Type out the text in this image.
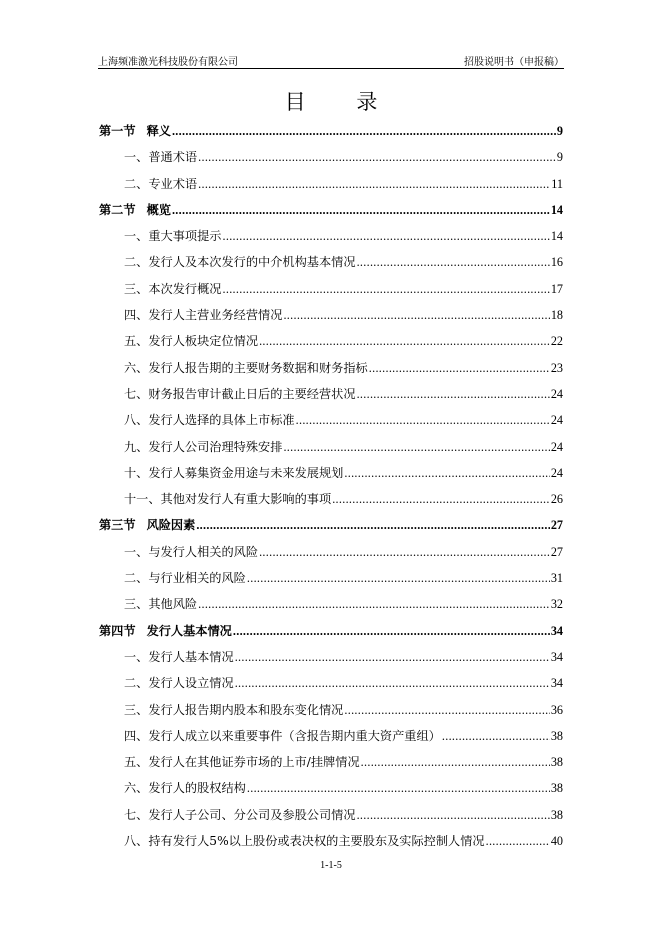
上海频准激光科技股份有限公司	招股说明书（申报稿）
目 录
第一节 释义 .....	9
一、普通术语 .....	9
二、专业术语 .....	11
第二节 概览 .....	14
一、重大事项提示 .....	14
二、发行人及本次发行的中介机构基本情况 .....	16
三、本次发行概况 .....	17
四、发行人主营业务经营情况 .....	18
五、发行人板块定位情况 .....	22
六、发行人报告期的主要财务数据和财务指标 .....	23
七、财务报告审计截止日后的主要经营状况 .....	24
八、发行人选择的具体上市标准 .....	24
九、发行人公司治理特殊安排 .....	24
十、发行人募集资金用途与未来发展规划 .....	24
十一、其他对发行人有重大影响的事项 .....	26
第三节 风险因素 .....	27
一、与发行人相关的风险 .....	27
二、与行业相关的风险 .....	31
三、其他风险 .....	32
第四节 发行人基本情况 .....	34
一、发行人基本情况 .....	34
二、发行人设立情况 .....	34
三、发行人报告期内股本和股东变化情况 .....	36
四、发行人成立以来重要事件（含报告期内重大资产重组） .....	38
五、发行人在其他证券市场的上市/挂牌情况 .....	38
六、发行人的股权结构 .....	38
七、发行人子公司、分公司及参股公司情况 .....	38
八、持有发行人5%以上股份或表决权的主要股东及实际控制人情况 .....	40
1-1-5
